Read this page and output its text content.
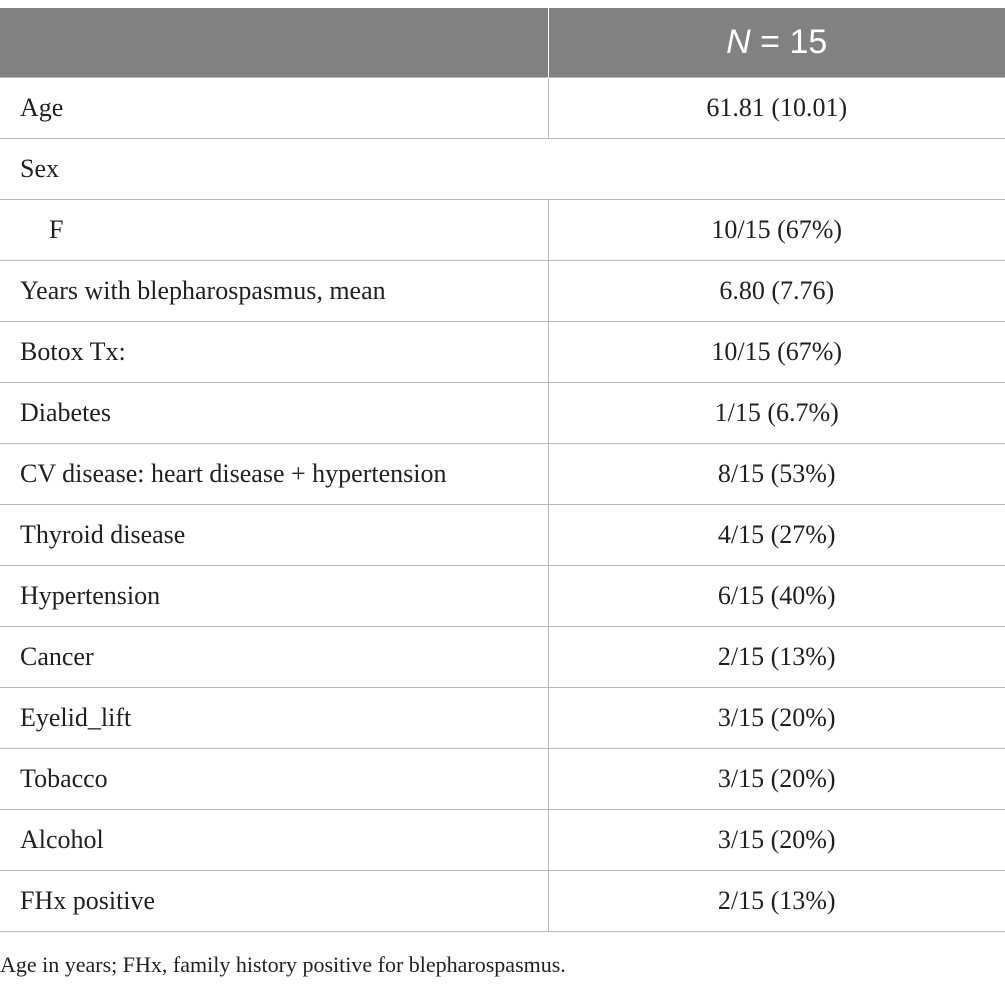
	N = 15
Age	61.81 (10.01)
Sex	
F	10/15 (67%)
Years with blepharospasmus, mean	6.80 (7.76)
Botox Tx:	10/15 (67%)
Diabetes	1/15 (6.7%)
CV disease: heart disease + hypertension	8/15 (53%)
Thyroid disease	4/15 (27%)
Hypertension	6/15 (40%)
Cancer	2/15 (13%)
Eyelid_lift	3/15 (20%)
Tobacco	3/15 (20%)
Alcohol	3/15 (20%)
FHx positive	2/15 (13%)
Age in years; FHx, family history positive for blepharospasmus.
